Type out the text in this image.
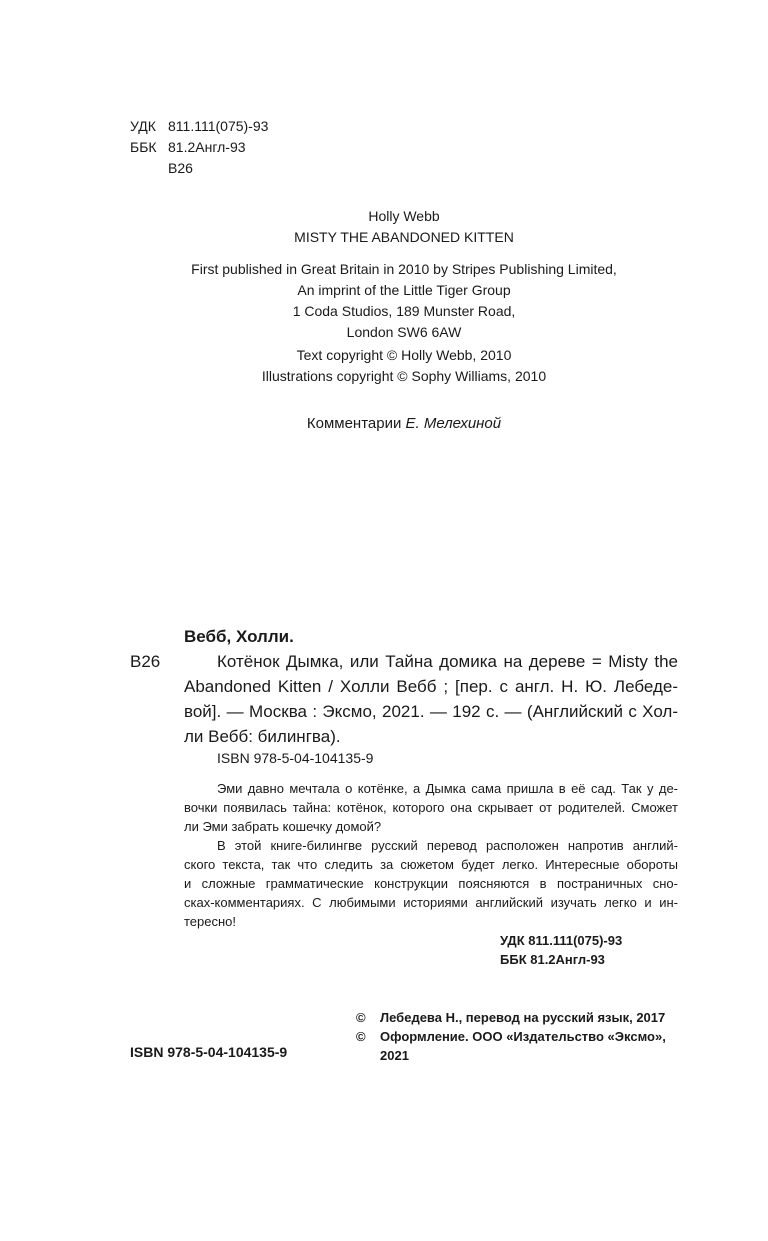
УДК 811.111(075)-93
ББК 81.2Англ-93
В26
Holly Webb
MISTY THE ABANDONED KITTEN
First published in Great Britain in 2010 by Stripes Publishing Limited,
An imprint of the Little Tiger Group
1 Coda Studios, 189 Munster Road,
London SW6 6AW
Text copyright © Holly Webb, 2010
Illustrations copyright © Sophy Williams, 2010
Комментарии Е. Мелехиной
Вебб, Холли.
В26	Котёнок Дымка, или Тайна домика на дереве = Misty the
Abandoned Kitten / Холли Вебб ; [пер. с англ. Н. Ю. Лебеде-
вой]. — Москва : Эксмо, 2021. — 192 с. — (Английский с Хол-
ли Вебб: билингва).
ISBN 978-5-04-104135-9
Эми давно мечтала о котёнке, а Дымка сама пришла в её сад. Так у де-
вочки появилась тайна: котёнок, которого она скрывает от родителей. Сможет
ли Эми забрать кошечку домой?
В этой книге-билингве русский перевод расположен напротив англий-
ского текста, так что следить за сюжетом будет легко. Интересные обороты
и сложные грамматические конструкции поясняются в постраничных сно-
сках-комментариях. С любимыми историями английский изучать легко и ин-
тересно!
УДК 811.111(075)-93
ББК 81.2Англ-93
ISBN 978-5-04-104135-9
©	Лебедева Н., перевод на русский язык, 2017
©	Оформление. ООО «Издательство «Эксмо»,
2021
